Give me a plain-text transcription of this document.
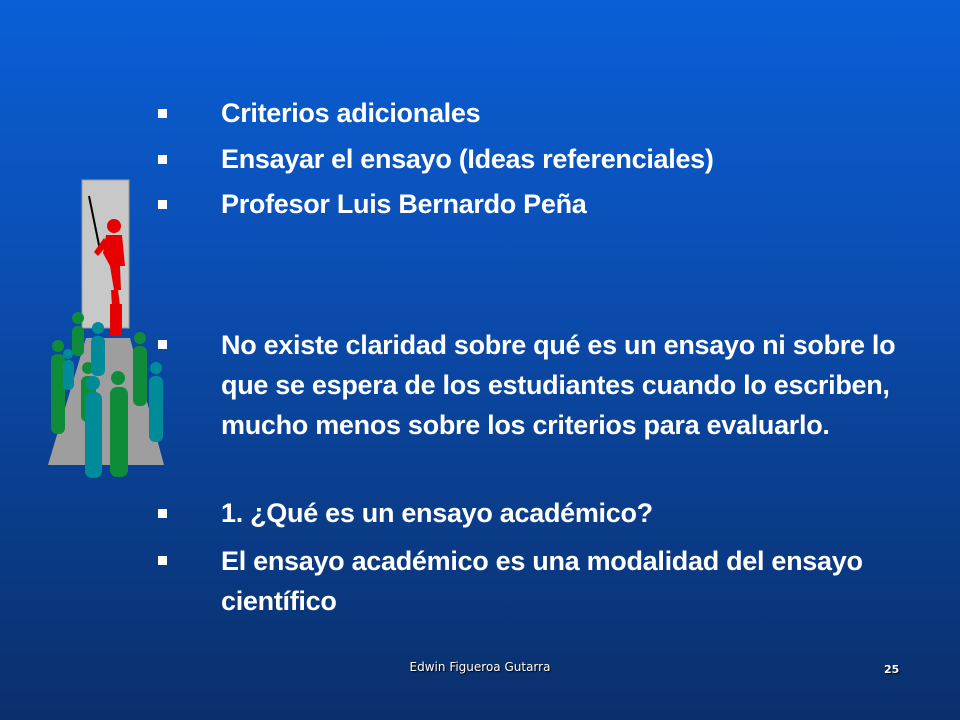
Criterios adicionales
Ensayar el ensayo (Ideas referenciales)
Profesor Luis Bernardo Peña
No existe claridad sobre qué es un ensayo ni sobre lo que se espera de los estudiantes cuando lo escriben, mucho menos sobre los criterios para evaluarlo.
1. ¿Qué es un ensayo académico?
El ensayo académico es una modalidad del ensayo científico
Edwin Figueroa Gutarra	25
